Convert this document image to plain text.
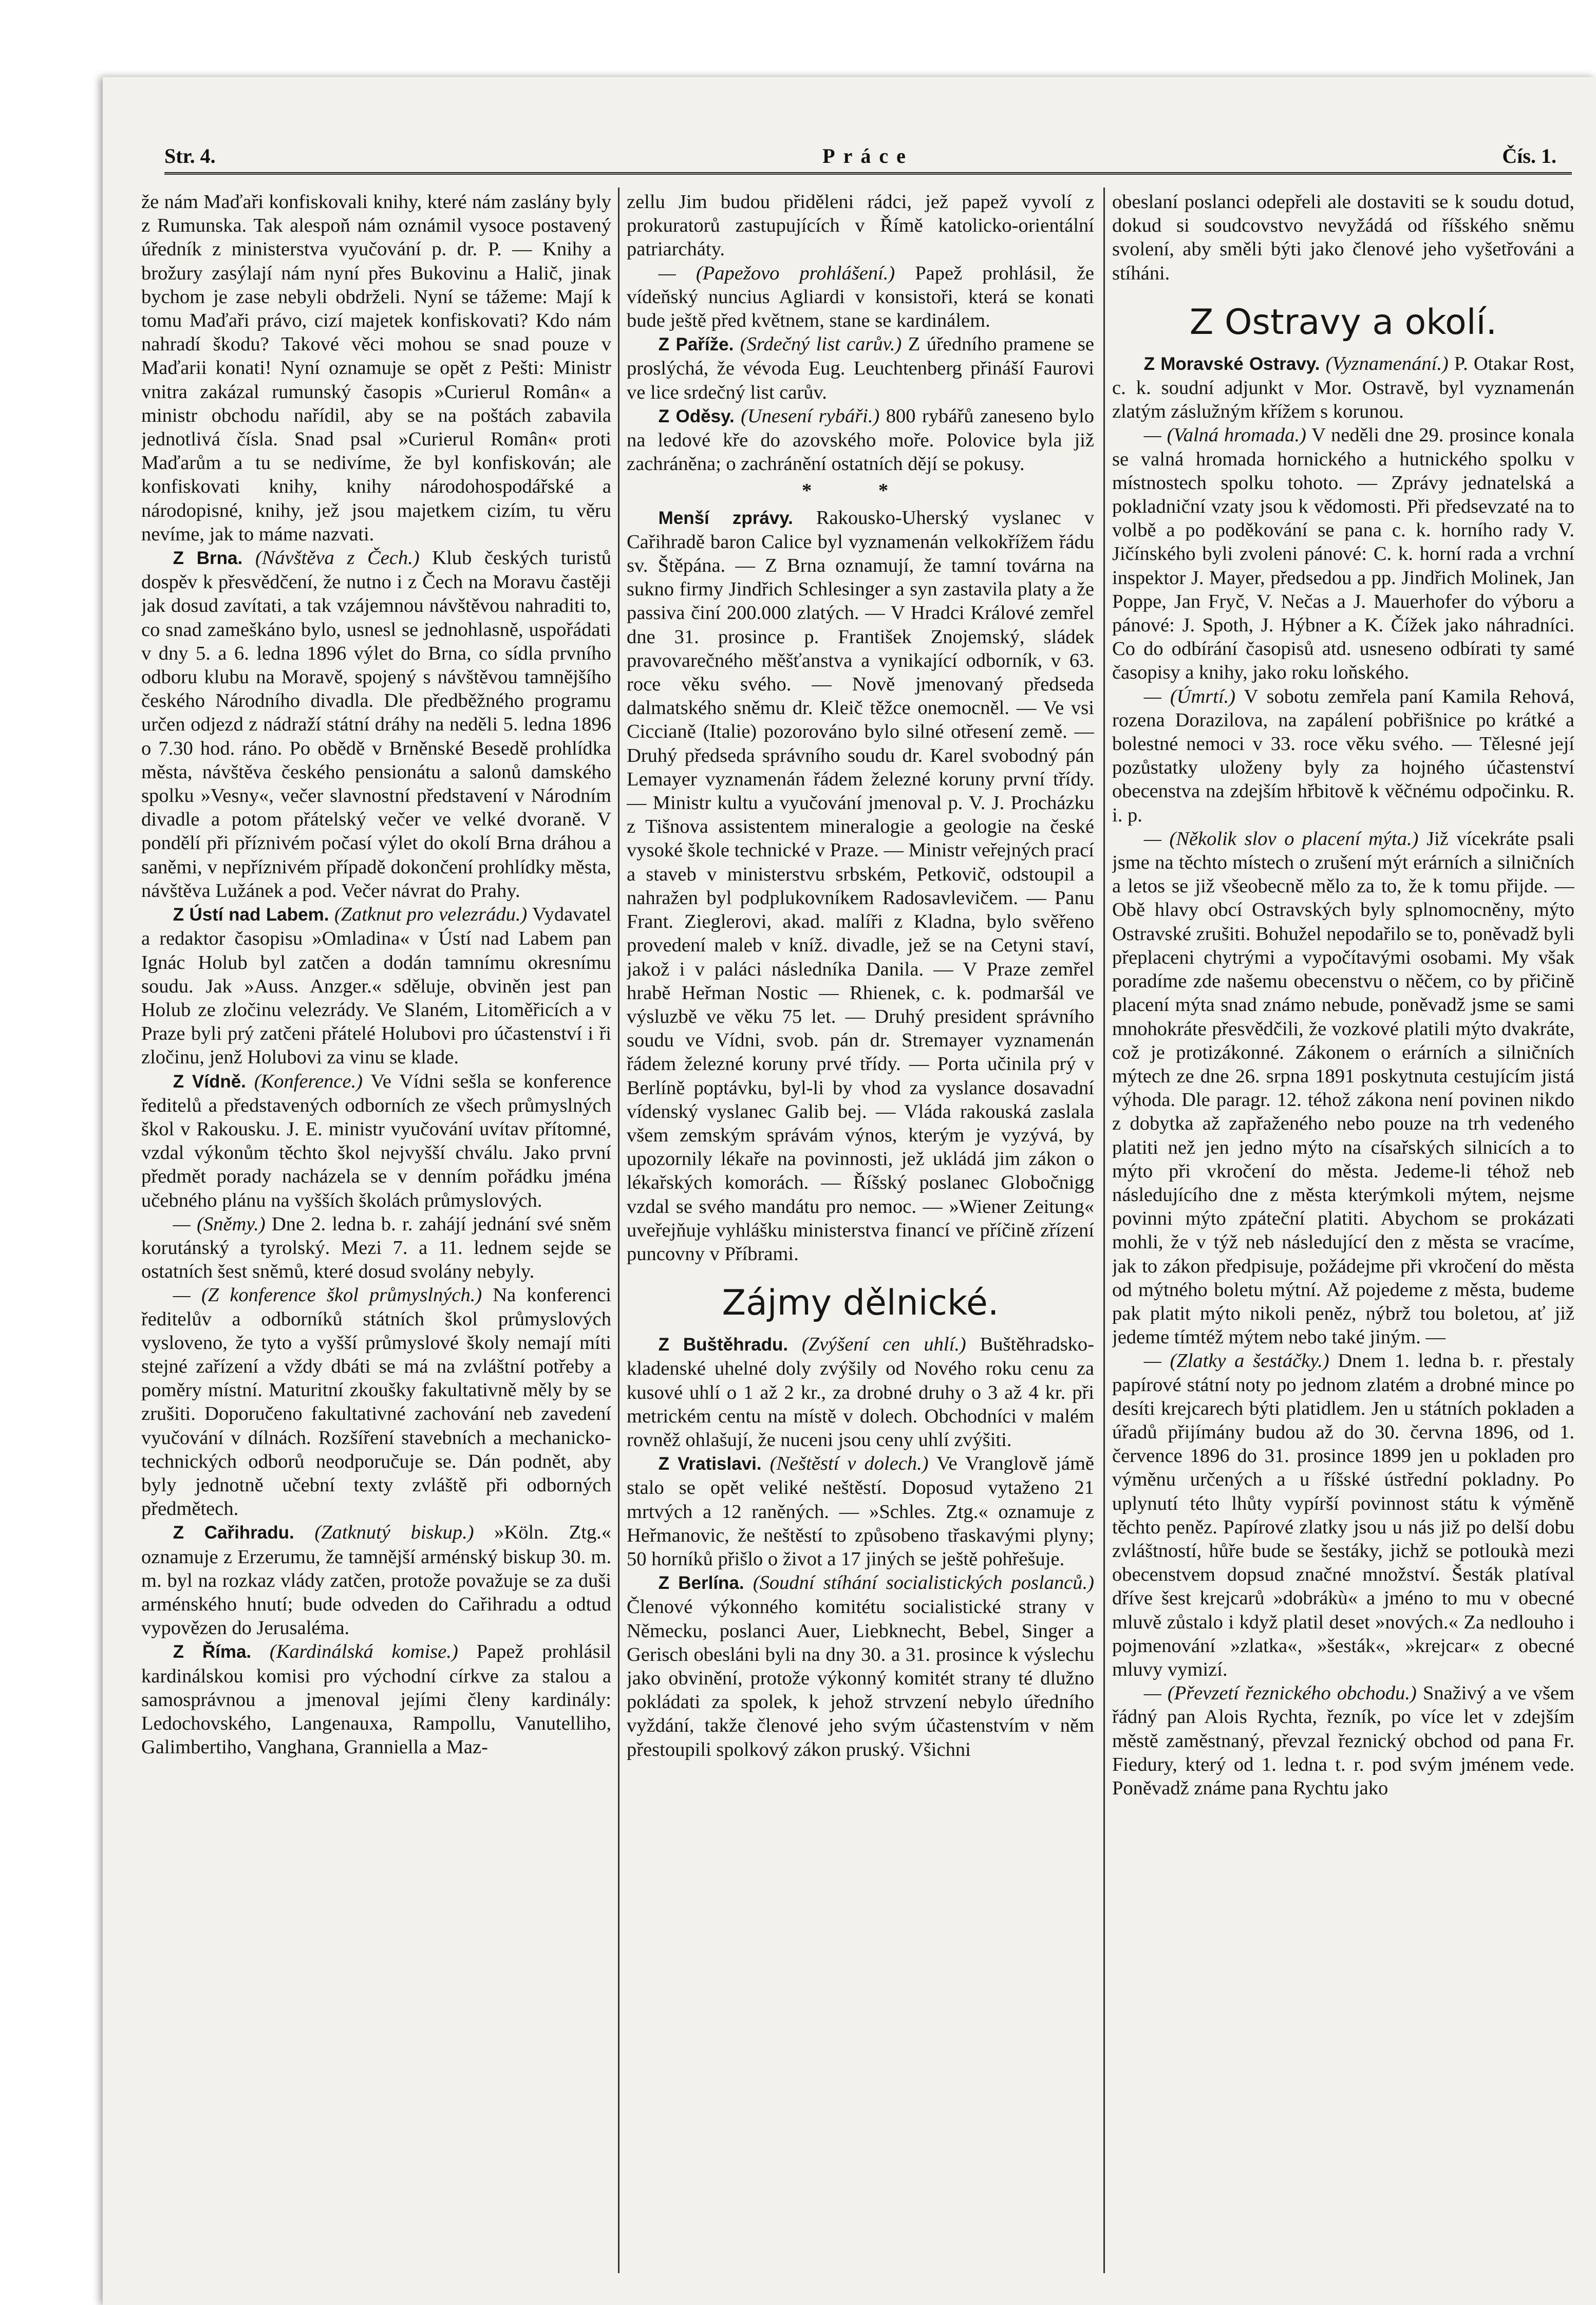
Str. 4.	Práce	Čís. 1.

že nám Maďaři konfiskovali knihy, které nám zaslány byly z Rumunska. Tak alespoň nám oznámil vysoce postavený úředník z ministerstva vyučování p. dr. P. — Knihy a brožury zasýlají nám nyní přes Bukovinu a Halič, jinak bychom je zase nebyli obdrželi. Nyní se tážeme: Mají k tomu Maďaři právo, cizí majetek konfiskovati? Kdo nám nahradí škodu? Takové věci mohou se snad pouze v Maďarii konati! Nyní oznamuje se opět z Pešti: Ministr vnitra zakázal rumunský časopis »Curierul Român« a ministr obchodu nařídil, aby se na poštách zabavila jednotlivá čísla. Snad psal »Curierul Român« proti Maďarům a tu se nedivíme, že byl konfiskován; ale konfiskovati knihy, knihy národohospodářské a národopisné, knihy, jež jsou majetkem cizím, tu věru nevíme, jak to máme nazvati.

Z Brna. (Návštěva z Čech.) Klub českých turistů dospěv k přesvědčení, že nutno i z Čech na Moravu častěji jak dosud zavítati, a tak vzájemnou návštěvou nahraditi to, co snad zameškáno bylo, usnesl se jednohlasně, uspořádati v dny 5. a 6. ledna 1896 výlet do Brna, co sídla prvního odboru klubu na Moravě, spojený s návštěvou tamnějšího českého Národního divadla. Dle předběžného programu určen odjezd z nádraží státní dráhy na neděli 5. ledna 1896 o 7.30 hod. ráno. Po obědě v Brněnské Besedě prohlídka města, návštěva českého pensionátu a salonů damského spolku »Vesny«, večer slavnostní představení v Národním divadle a potom přátelský večer ve velké dvoraně. V pondělí při příznivém počasí výlet do okolí Brna dráhou a saněmi, v nepříznivém případě dokončení prohlídky města, návštěva Lužánek a pod. Večer návrat do Prahy.

Z Ústí nad Labem. (Zatknut pro velezrádu.) Vydavatel a redaktor časopisu »Omladina« v Ústí nad Labem pan Ignác Holub byl zatčen a dodán tamnímu okresnímu soudu. Jak »Auss. Anzger.« sděluje, obviněn jest pan Holub ze zločinu velezrády. Ve Slaném, Litoměřicích a v Praze byli prý zatčeni přátelé Holubovi pro účastenství i ři zločinu, jenž Holubovi za vinu se klade.

Z Vídně. (Konference.) Ve Vídni sešla se konference ředitelů a představených odborních ze všech průmyslných škol v Rakousku. J. E. ministr vyučování uvítav přítomné, vzdal výkonům těchto škol nejvyšší chválu. Jako první předmět porady nacházela se v denním pořádku jména učebného plánu na vyšších školách průmyslových.

— (Sněmy.) Dne 2. ledna b. r. zahájí jednání své sněm korutánský a tyrolský. Mezi 7. a 11. lednem sejde se ostatních šest sněmů, které dosud svolány nebyly.

— (Z konference škol průmyslných.) Na konferenci ředitelův a odborníků státních škol průmyslových vysloveno, že tyto a vyšší průmyslové školy nemají míti stejné zařízení a vždy dbáti se má na zvláštní potřeby a poměry místní. Maturitní zkoušky fakultativně měly by se zrušiti. Doporučeno fakultativné zachování neb zavedení vyučování v dílnách. Rozšíření stavebních a mechanicko-technických odborů neodporučuje se. Dán podnět, aby byly jednotně učební texty zvláště při odborných předmětech.

Z Cařihradu. (Zatknutý biskup.) »Köln. Ztg.« oznamuje z Erzerumu, že tamnější arménský biskup 30. m. m. byl na rozkaz vlády zatčen, protože považuje se za duši arménského hnutí; bude odveden do Cařihradu a odtud vypovězen do Jerusaléma.

Z Říma. (Kardinálská komise.) Papež prohlásil kardinálskou komisi pro východní církve za stalou a samosprávnou a jmenoval jejími členy kardinály: Ledochovského, Langenauxa, Rampollu, Vanutelliho, Galimbertiho, Vanghana, Granniella a Maz-

zellu Jim budou přiděleni rádci, jež papež vyvolí z prokuratorů zastupujících v Římě katolicko-orientální patriarcháty.

— (Papežovo prohlášení.) Papež prohlásil, že vídeňský nuncius Agliardi v konsistoři, která se konati bude ještě před květnem, stane se kardinálem.

Z Paříže. (Srdečný list carův.) Z úředního pramene se proslýchá, že vévoda Eug. Leuchtenberg přináší Faurovi ve lice srdečný list carův.

Z Oděsy. (Unesení rybáři.) 800 rybářů zaneseno bylo na ledové kře do azovského moře. Polovice byla již zachráněna; o zachránění ostatních dějí se pokusy.

* *

Menší zprávy. Rakousko-Uherský vyslanec v Cařihradě baron Calice byl vyznamenán velkokřížem řádu sv. Štěpána. — Z Brna oznamují, že tamní továrna na sukno firmy Jindřich Schlesinger a syn zastavila platy a že passiva činí 200.000 zlatých. — V Hradci Králové zemřel dne 31. prosince p. František Znojemský, sládek pravovarečného měšťanstva a vynikající odborník, v 63. roce věku svého. — Nově jmenovaný předseda dalmatského sněmu dr. Kleič těžce onemocněl. — Ve vsi Ciccianě (Italie) pozorováno bylo silné otřesení země. — Druhý předseda správního soudu dr. Karel svobodný pán Lemayer vyznamenán řádem železné koruny první třídy. — Ministr kultu a vyučování jmenoval p. V. J. Procházku z Tišnova assistentem mineralogie a geologie na české vysoké škole technické v Praze. — Ministr veřejných prací a staveb v ministerstvu srbském, Petkovič, odstoupil a nahražen byl podplukovníkem Radosavlevičem. — Panu Frant. Zieglerovi, akad. malíři z Kladna, bylo svěřeno provedení maleb v kníž. divadle, jež se na Cetyni staví, jakož i v paláci následníka Danila. — V Praze zemřel hrabě Heřman Nostic — Rhienek, c. k. podmaršál ve výsluzbě ve věku 75 let. — Druhý president správního soudu ve Vídni, svob. pán dr. Stremayer vyznamenán řádem železné koruny prvé třídy. — Porta učinila prý v Berlíně poptávku, byl-li by vhod za vyslance dosavadní vídenský vyslanec Galib bej. — Vláda rakouská zaslala všem zemským správám výnos, kterým je vyzývá, by upozornily lékaře na povinnosti, jež ukládá jim zákon o lékařských komorách. — Říšský poslanec Globočnigg vzdal se svého mandátu pro nemoc. — »Wiener Zeitung« uveřejňuje vyhlášku ministerstva financí ve příčině zřízení puncovny v Příbrami.

Zájmy dělnické.

Z Buštěhradu. (Zvýšení cen uhlí.) Buštěhradsko-kladenské uhelné doly zvýšily od Nového roku cenu za kusové uhlí o 1 až 2 kr., za drobné druhy o 3 až 4 kr. při metrickém centu na místě v dolech. Obchodníci v malém rovněž ohlašují, že nuceni jsou ceny uhlí zvýšiti.

Z Vratislavi. (Neštěstí v dolech.) Ve Vranglově jámě stalo se opět veliké neštěstí. Doposud vytaženo 21 mrtvých a 12 raněných. — »Schles. Ztg.« oznamuje z Heřmanovic, že neštěstí to způsobeno třaskavými plyny; 50 horníků přišlo o život a 17 jiných se ještě pohřešuje.

Z Berlína. (Soudní stíhání socialistických poslanců.) Členové výkonného komitétu socialistické strany v Německu, poslanci Auer, Liebknecht, Bebel, Singer a Gerisch obesláni byli na dny 30. a 31. prosince k výslechu jako obvinění, protože výkonný komitét strany té dlužno pokládati za spolek, k jehož strvzení nebylo úředního vyždání, takže členové jeho svým účastenstvím v něm přestoupili spolkový zákon pruský. Všichni

obeslaní poslanci odepřeli ale dostaviti se k soudu dotud, dokud si soudcovstvo nevyžádá od říšského sněmu svolení, aby směli býti jako členové jeho vyšetřováni a stíháni.

Z Ostravy a okolí.

Z Moravské Ostravy. (Vyznamenání.) P. Otakar Rost, c. k. soudní adjunkt v Mor. Ostravě, byl vyznamenán zlatým záslužným křížem s korunou.

— (Valná hromada.) V neděli dne 29. prosince konala se valná hromada hornického a hutnického spolku v místnostech spolku tohoto. — Zprávy jednatelská a pokladniční vzaty jsou k vědomosti. Při předsevzaté na to volbě a po poděkování se pana c. k. horního rady V. Jičínského byli zvoleni pánové: C. k. horní rada a vrchní inspektor J. Mayer, předsedou a pp. Jindřich Molinek, Jan Poppe, Jan Fryč, V. Nečas a J. Mauerhofer do výboru a pánové: J. Spoth, J. Hýbner a K. Čížek jako náhradníci. Co do odbírání časopisů atd. usneseno odbírati ty samé časopisy a knihy, jako roku loňského.

— (Úmrtí.) V sobotu zemřela paní Kamila Rehová, rozena Dorazilova, na zapálení pobřišnice po krátké a bolestné nemoci v 33. roce věku svého. — Tělesné její pozůstatky uloženy byly za hojného účastenství obecenstva na zdejším hřbitově k věčnému odpočinku. R. i. p.

— (Několik slov o placení mýta.) Již vícekráte psali jsme na těchto místech o zrušení mýt erárních a silničních a letos se již všeobecně mělo za to, že k tomu přijde. — Obě hlavy obcí Ostravských byly splnomocněny, mýto Ostravské zrušiti. Bohužel nepodařilo se to, poněvadž byli přeplaceni chytrými a vypočítavými osobami. My však poradíme zde našemu obecenstvu o něčem, co by přičině placení mýta snad známo nebude, poněvadž jsme se sami mnohokráte přesvědčili, že vozkové platili mýto dvakráte, což je protizákonné. Zákonem o erárních a silničních mýtech ze dne 26. srpna 1891 poskytnuta cestujícím jistá výhoda. Dle paragr. 12. téhož zákona není povinen nikdo z dobytka až zapřaženého nebo pouze na trh vedeného platiti než jen jedno mýto na císařských silnicích a to mýto při vkročení do města. Jedeme-li téhož neb následujícího dne z města kterýmkoli mýtem, nejsme povinni mýto zpáteční platiti. Abychom se prokázati mohli, že v týž neb následující den z města se vracíme, jak to zákon předpisuje, požádejme při vkročení do města od mýtného boletu mýtní. Až pojedeme z města, budeme pak platit mýto nikoli peněz, nýbrž tou boletou, ať již jedeme tímtéž mýtem nebo také jiným. —

— (Zlatky a šestáčky.) Dnem 1. ledna b. r. přestaly papírové státní noty po jednom zlatém a drobné mince po desíti krejcarech býti platidlem. Jen u státních pokladen a úřadů přijímány budou až do 30. června 1896, od 1. července 1896 do 31. prosince 1899 jen u pokladen pro výměnu určených a u říšské ústřední pokladny. Po uplynutí této lhůty vypírší povinnost státu k výměně těchto peněz. Papírové zlatky jsou u nás již po delší dobu zvláštností, hůře bude se šestáky, jichž se potloukà mezi obecenstvem dopsud značné množství. Šesták platíval dříve šest krejcarů »dobrákù« a jméno to mu v obecné mluvě zůstalo i když platil deset »nových.« Za nedlouho i pojmenování »zlatka«, »šesták«, »krejcar« z obecné mluvy vymizí.

— (Převzetí řeznického obchodu.) Snaživý a ve všem řádný pan Alois Rychta, řezník, po více let v zdejším městě zaměstnaný, převzal řeznický obchod od pana Fr. Fiedury, který od 1. ledna t. r. pod svým jménem vede. Poněvadž známe pana Rychtu jako
